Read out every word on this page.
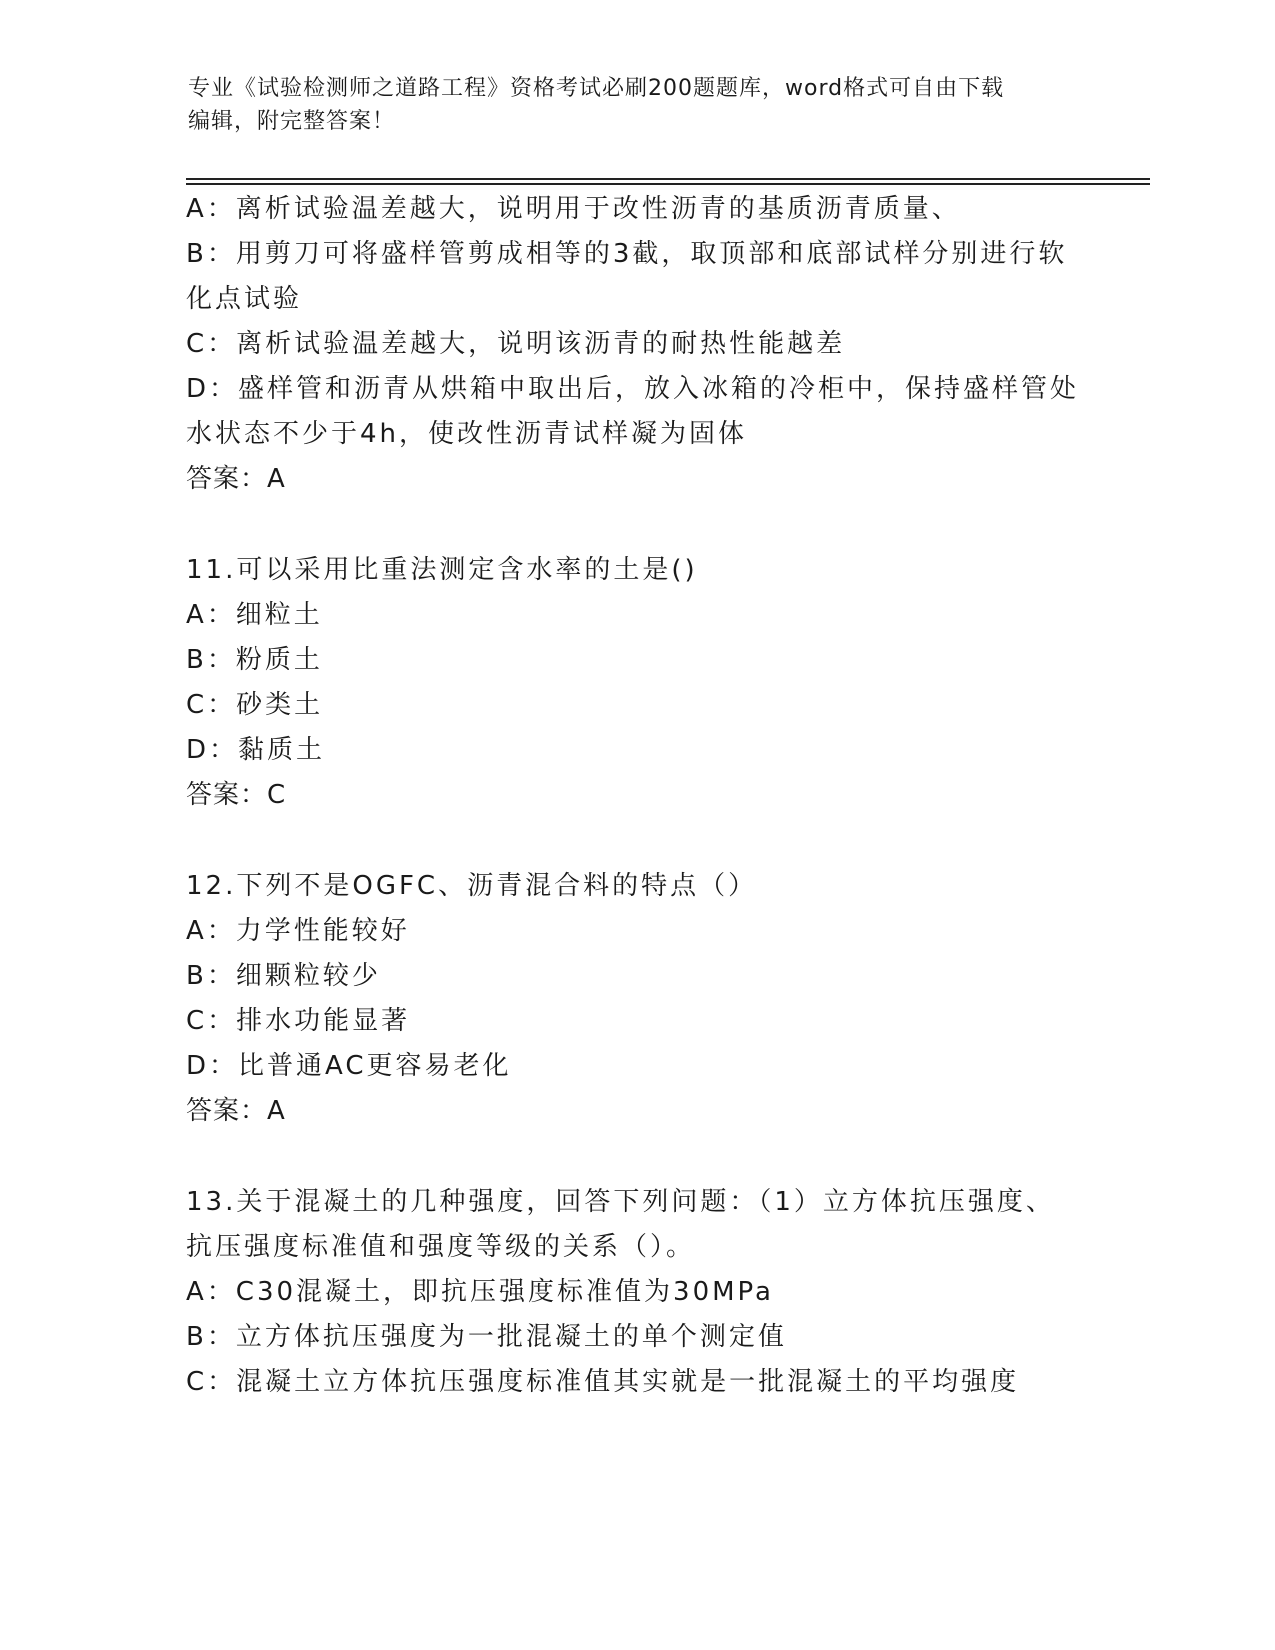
专业《试验检测师之道路工程》资格考试必刷200题题库，word格式可自由下载
编辑，附完整答案！
A：离析试验温差越大，说明用于改性沥青的基质沥青质量、
B：用剪刀可将盛样管剪成相等的3截，取顶部和底部试样分别进行软
化点试验
C：离析试验温差越大，说明该沥青的耐热性能越差
D：盛样管和沥青从烘箱中取出后，放入冰箱的冷柜中，保持盛样管处
水状态不少于4h，使改性沥青试样凝为固体
答案：A
11.可以采用比重法测定含水率的土是()
A：细粒土
B：粉质土
C：砂类土
D：黏质土
答案：C
12.下列不是OGFC、沥青混合料的特点（）
A：力学性能较好
B：细颗粒较少
C：排水功能显著
D：比普通AC更容易老化
答案：A
13.关于混凝土的几种强度，回答下列问题：（1）立方体抗压强度、
抗压强度标准值和强度等级的关系（）。
A：C30混凝土，即抗压强度标准值为30MPa
B：立方体抗压强度为一批混凝土的单个测定值
C：混凝土立方体抗压强度标准值其实就是一批混凝土的平均强度
